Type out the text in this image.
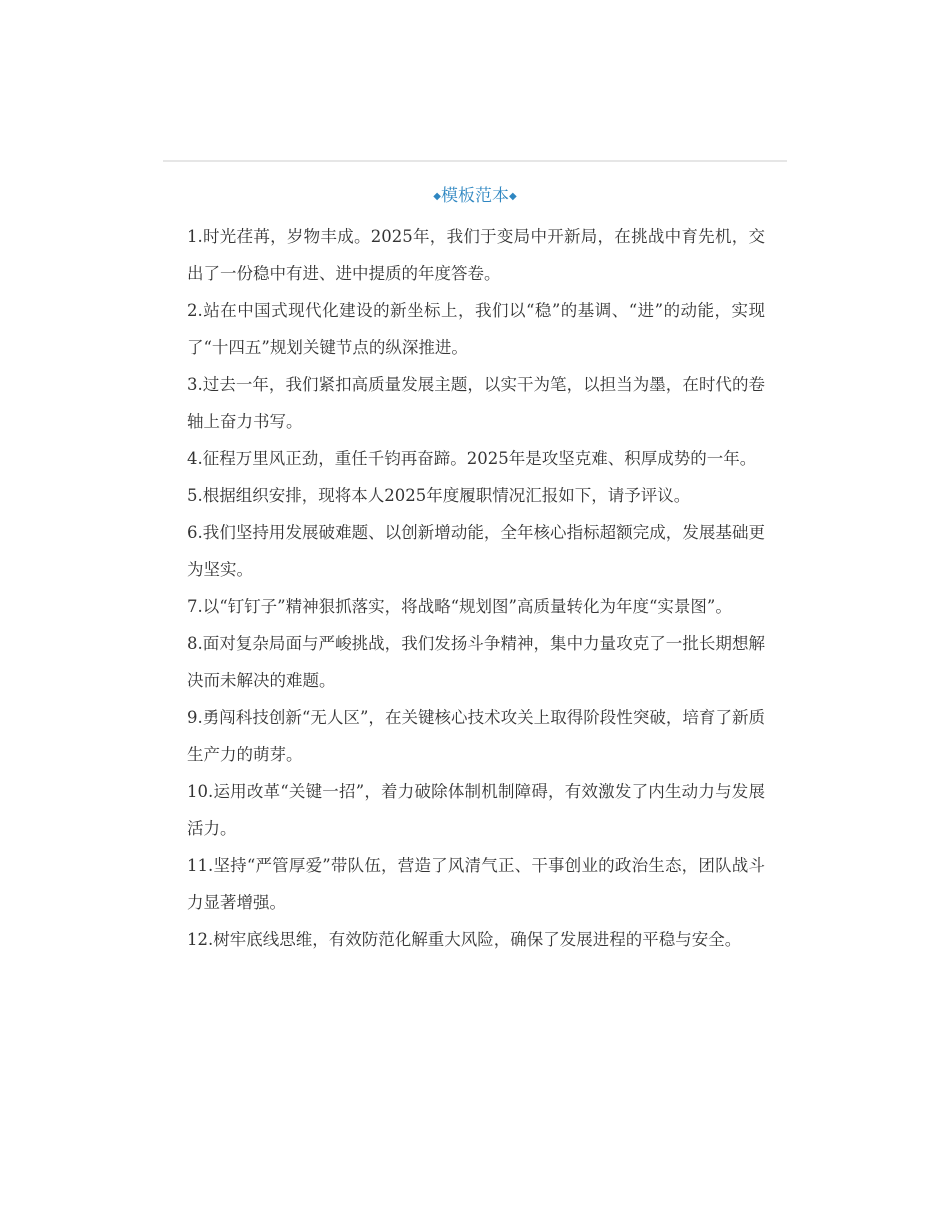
◆模板范本◆
1.时光荏苒，岁物丰成。2025年，我们于变局中开新局，在挑战中育先机，交出了一份稳中有进、进中提质的年度答卷。
2.站在中国式现代化建设的新坐标上，我们以“稳”的基调、“进”的动能，实现了“十四五”规划关键节点的纵深推进。
3.过去一年，我们紧扣高质量发展主题，以实干为笔，以担当为墨，在时代的卷轴上奋力书写。
4.征程万里风正劲，重任千钧再奋蹄。2025年是攻坚克难、积厚成势的一年。
5.根据组织安排，现将本人2025年度履职情况汇报如下，请予评议。
6.我们坚持用发展破难题、以创新增动能，全年核心指标超额完成，发展基础更为坚实。
7.以“钉钉子”精神狠抓落实，将战略“规划图”高质量转化为年度“实景图”。
8.面对复杂局面与严峻挑战，我们发扬斗争精神，集中力量攻克了一批长期想解决而未解决的难题。
9.勇闯科技创新“无人区”，在关键核心技术攻关上取得阶段性突破，培育了新质生产力的萌芽。
10.运用改革“关键一招”，着力破除体制机制障碍，有效激发了内生动力与发展活力。
11.坚持“严管厚爱”带队伍，营造了风清气正、干事创业的政治生态，团队战斗力显著增强。
12.树牢底线思维，有效防范化解重大风险，确保了发展进程的平稳与安全。
